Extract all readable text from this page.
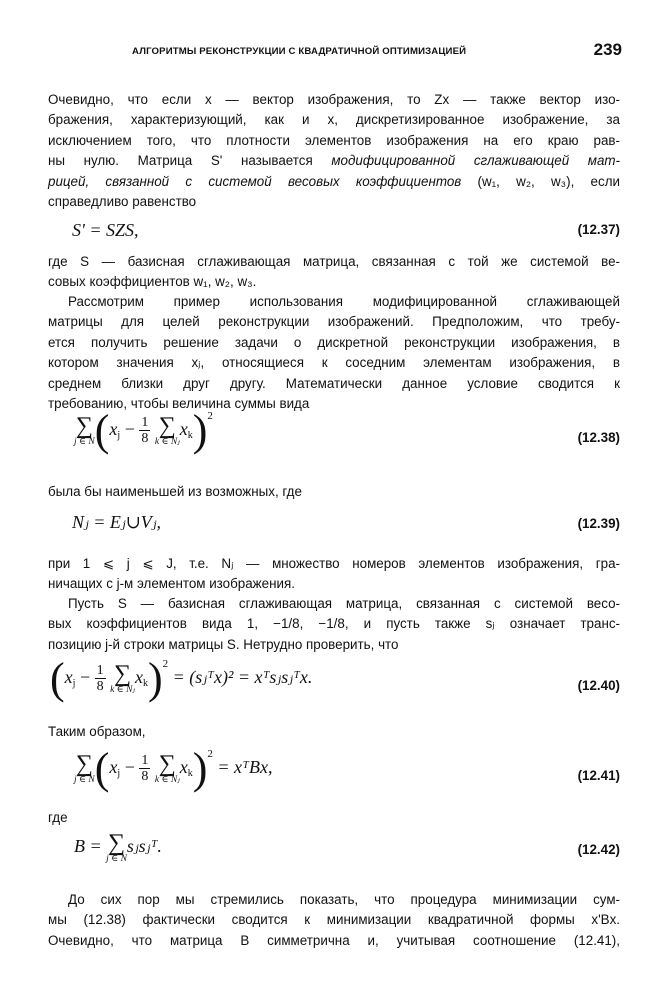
АЛГОРИТМЫ РЕКОНСТРУКЦИИ С КВАДРАТИЧНОЙ ОПТИМИЗАЦИЕЙ	239
Очевидно, что если x — вектор изображения, то Zx — также вектор изо-
бражения, характеризующий, как и x, дискретизированное изображение, за
исключением того, что плотности элементов изображения на его краю рав-
ны нулю. Матрица S' называется модифицированной сглаживающей мат-
рицей, связанной с системой весовых коэффициентов (w₁, w₂, w₃), если
справедливо равенство
S' = SZS,	(12.37)
где S — базисная сглаживающая матрица, связанная с той же системой ве-
совых коэффициентов w₁, w₂, w₃.
Рассмотрим пример использования модифицированной сглаживающей
матрицы для целей реконструкции изображений. Предположим, что требу-
ется получить решение задачи о дискретной реконструкции изображения, в
котором значения xⱼ, относящиеся к соседним элементам изображения, в
среднем близки друг другу. Математически данное условие сводится к
требованию, чтобы величина суммы вида
∑
j ∈ N ($x_j - \frac{1}{8}$
∑
k ∈ Nⱼ
$x_k)^2$
(12.38)
была бы наименьшей из возможных, где
Nⱼ = Eⱼ∪Vⱼ,	(12.39)
при 1 ⩽ j ⩽ J, т.е. Nⱼ — множество номеров элементов изображения, гра-
ничащих с j-м элементом изображения.
Пусть S — базисная сглаживающая матрица, связанная с системой весо-
вых коэффициентов вида 1, −1/8, −1/8, и пусть также sⱼ означает транс-
позицию j-й строки матрицы S. Нетрудно проверить, что
($x_j - \frac{1}{8}$
∑
k ∈ Nⱼ
$x_k)^2$ = (sⱼᵀx)² = xᵀsⱼsⱼᵀx.	(12.40)
Таким образом,
∑
j ∈ N ($x_j - \frac{1}{8}$
∑
k ∈ Nⱼ
$x_k)^2$ = xᵀBx,	(12.41)
где
B = ∑
j ∈ N
sⱼsⱼᵀ.	(12.42)
До сих пор мы стремились показать, что процедура минимизации сум-
мы (12.38) фактически сводится к минимизации квадратичной формы x'Bx.
Очевидно, что матрица B симметрична и, учитывая соотношение (12.41),
